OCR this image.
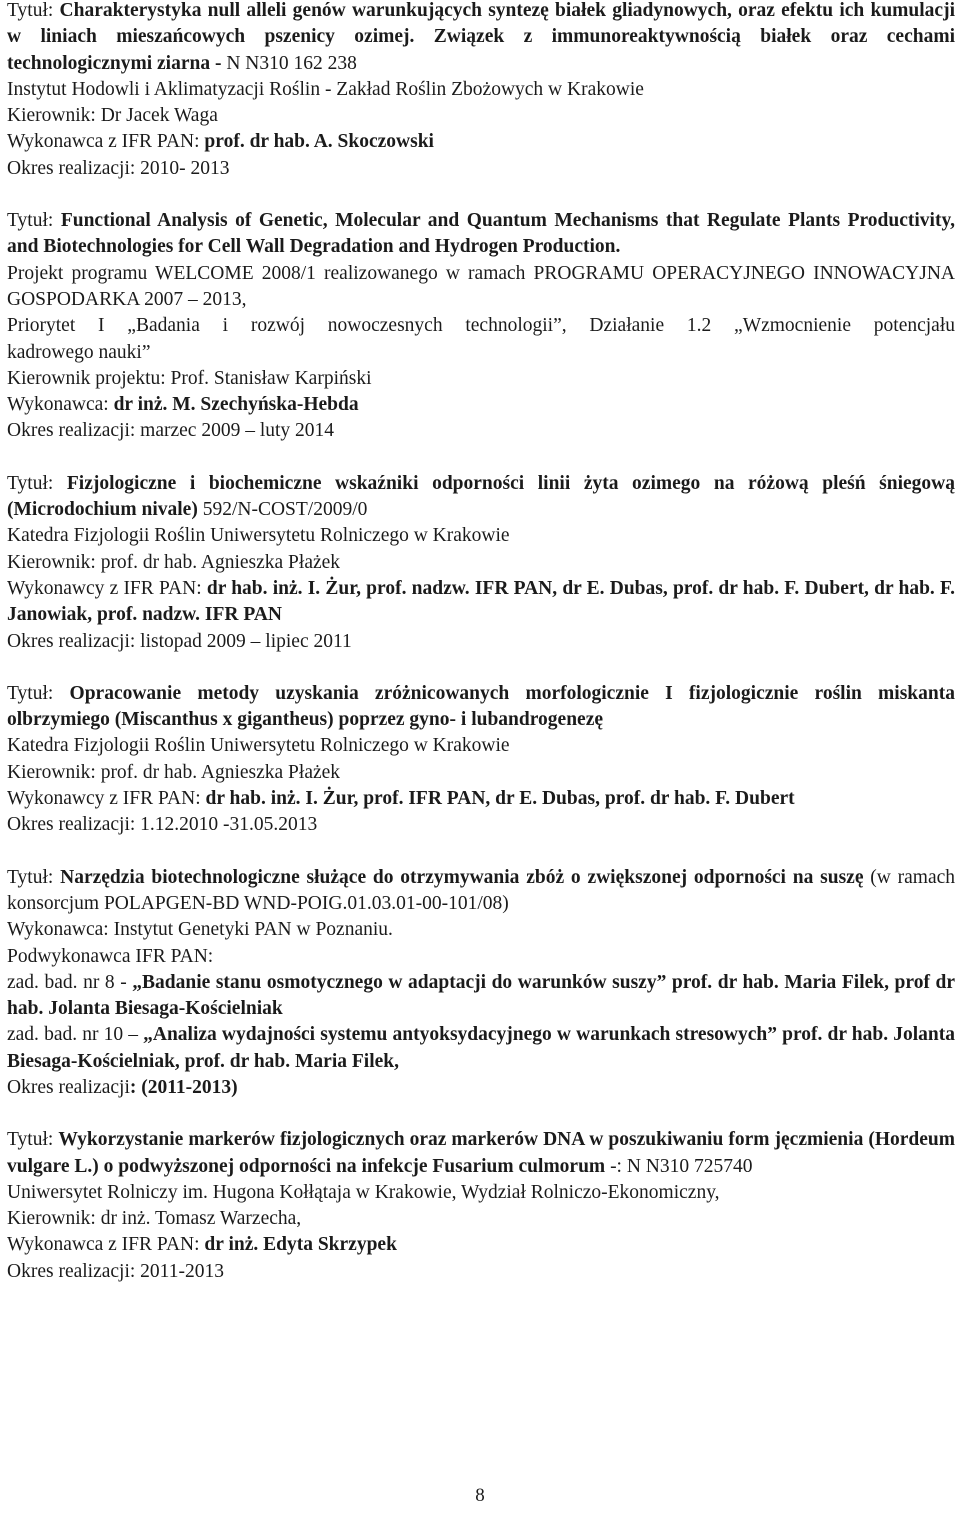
Tytuł: Charakterystyka null alleli genów warunkujących syntezę białek gliadynowych, oraz efektu ich kumulacji w liniach mieszańcowych pszenicy ozimej. Związek z immunoreaktywnością białek oraz cechami technologicznymi ziarna - N N310 162 238

Instytut Hodowli i Aklimatyzacji Roślin - Zakład Roślin Zbożowych w Krakowie

Kierownik: Dr Jacek Waga

Wykonawca z IFR PAN: prof. dr hab. A. Skoczowski

Okres realizacji: 2010- 2013

Tytuł: Functional Analysis of Genetic, Molecular and Quantum Mechanisms that Regulate Plants Productivity, and Biotechnologies for Cell Wall Degradation and Hydrogen Production.

Projekt programu WELCOME 2008/1 realizowanego w ramach PROGRAMU OPERACYJNEGO INNOWACYJNA GOSPODARKA 2007 – 2013,

Priorytet I „Badania i rozwój nowoczesnych technologii”, Działanie 1.2 „Wzmocnienie potencjału

kadrowego nauki”

Kierownik projektu: Prof. Stanisław Karpiński

Wykonawca: dr inż. M. Szechyńska-Hebda

Okres realizacji: marzec 2009 – luty 2014

Tytuł: Fizjologiczne i biochemiczne wskaźniki odporności linii żyta ozimego na różową pleśń śniegową (Microdochium nivale) 592/N-COST/2009/0

Katedra Fizjologii Roślin Uniwersytetu Rolniczego w Krakowie

Kierownik: prof. dr hab. Agnieszka Płażek

Wykonawcy z IFR PAN: dr hab. inż. I. Żur, prof. nadzw. IFR PAN, dr E. Dubas, prof. dr hab. F. Dubert, dr hab. F. Janowiak, prof. nadzw. IFR PAN

Okres realizacji: listopad 2009 – lipiec 2011

Tytuł: Opracowanie metody uzyskania zróżnicowanych morfologicznie I fizjologicznie roślin miskanta olbrzymiego (Miscanthus x gigantheus) poprzez gyno- i lubandrogenezę

Katedra Fizjologii Roślin Uniwersytetu Rolniczego w Krakowie

Kierownik: prof. dr hab. Agnieszka Płażek

Wykonawcy z IFR PAN: dr hab. inż. I. Żur, prof. IFR PAN, dr E. Dubas, prof. dr hab. F. Dubert

Okres realizacji: 1.12.2010 -31.05.2013

Tytuł: Narzędzia biotechnologiczne służące do otrzymywania zbóż o zwiększonej odporności na suszę (w ramach konsorcjum POLAPGEN-BD WND-POIG.01.03.01-00-101/08)

Wykonawca: Instytut Genetyki PAN w Poznaniu.

Podwykonawca IFR PAN:

zad. bad. nr 8 - „Badanie stanu osmotycznego w adaptacji do warunków suszy” prof. dr hab. Maria Filek, prof dr hab. Jolanta Biesaga-Kościelniak

zad. bad. nr 10 – „Analiza wydajności systemu antyoksydacyjnego w warunkach stresowych” prof. dr hab. Jolanta Biesaga-Kościelniak, prof. dr hab. Maria Filek,

Okres realizacji: (2011-2013)

Tytuł: Wykorzystanie markerów fizjologicznych oraz markerów DNA w poszukiwaniu form jęczmienia (Hordeum vulgare L.) o podwyższonej odporności na infekcje Fusarium culmorum -: N N310 725740

Uniwersytet Rolniczy im. Hugona Kołłątaja w Krakowie, Wydział Rolniczo-Ekonomiczny,

Kierownik: dr inż. Tomasz Warzecha,

Wykonawca z IFR PAN: dr inż. Edyta Skrzypek

Okres realizacji: 2011-2013

8
